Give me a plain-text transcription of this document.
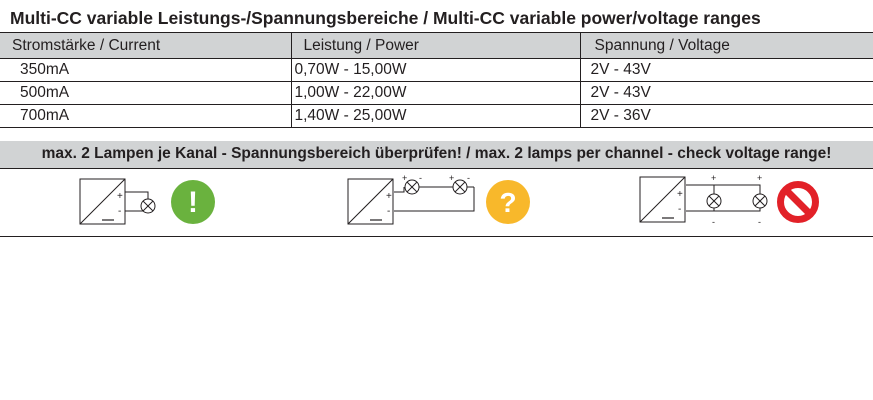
Multi-CC variable Leistungs-/Spannungsbereiche / Multi-CC variable power/voltage ranges
Stromstärke / Current	Leistung / Power	Spannung / Voltage
350mA	0,70W - 15,00W	2V - 43V
500mA	1,00W - 22,00W	2V - 43V
700mA	1,40W - 25,00W	2V - 36V
max. 2 Lampen je Kanal - Spannungsbereich überprüfen! / max. 2 lamps per channel - check voltage range!
+
- !	+
-
+ -	+ -
?	+
-
+	+
-	-
